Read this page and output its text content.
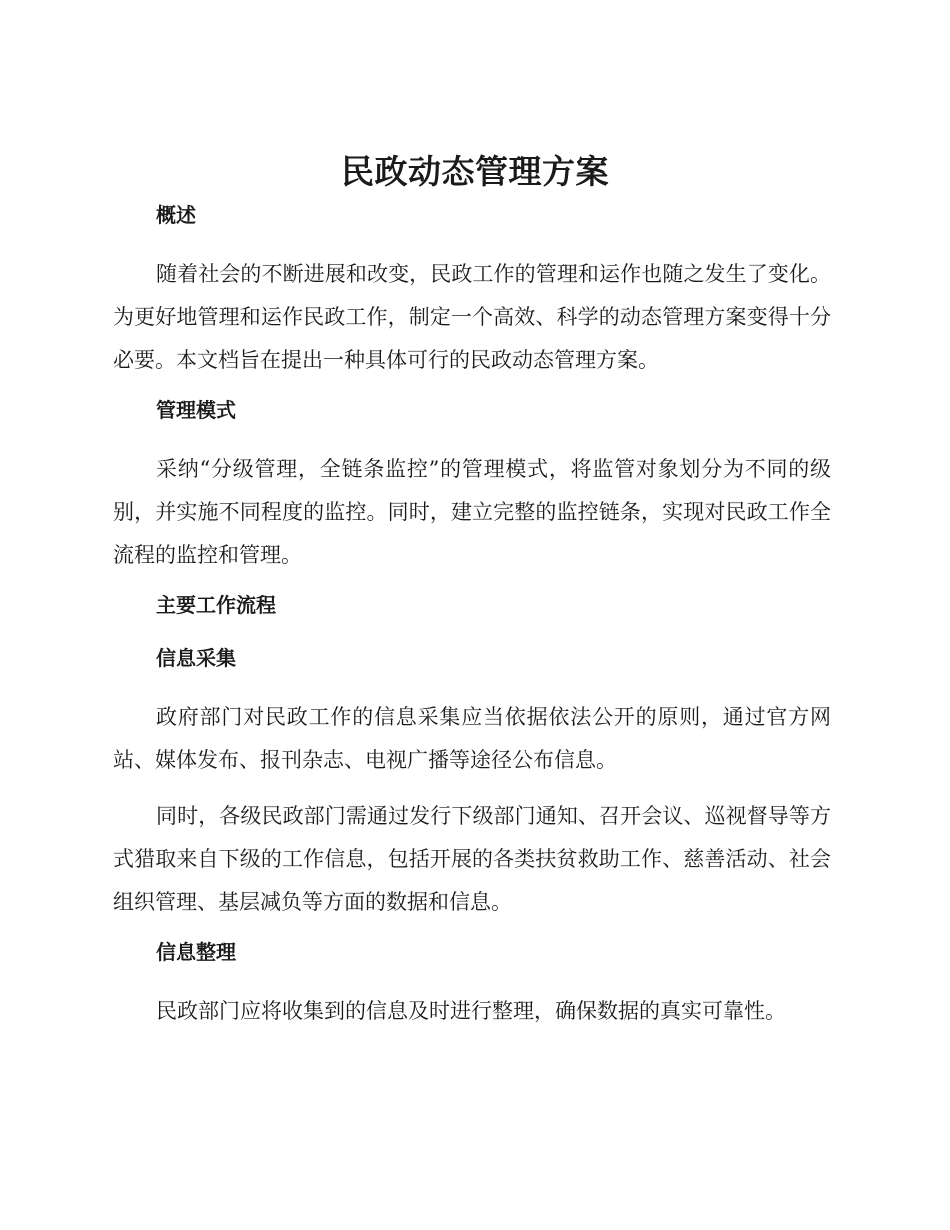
民政动态管理方案
概述

随着社会的不断进展和改变，民政工作的管理和运作也随之发生了变化。为更好地管理和运作民政工作，制定一个高效、科学的动态管理方案变得十分必要。本文档旨在提出一种具体可行的民政动态管理方案。

管理模式

采纳“分级管理，全链条监控”的管理模式，将监管对象划分为不同的级别，并实施不同程度的监控。同时，建立完整的监控链条，实现对民政工作全流程的监控和管理。

主要工作流程
信息采集

政府部门对民政工作的信息采集应当依据依法公开的原则，通过官方网站、媒体发布、报刊杂志、电视广播等途径公布信息。

同时，各级民政部门需通过发行下级部门通知、召开会议、巡视督导等方式猎取来自下级的工作信息，包括开展的各类扶贫救助工作、慈善活动、社会组织管理、基层减负等方面的数据和信息。

信息整理

民政部门应将收集到的信息及时进行整理，确保数据的真实可靠性。
